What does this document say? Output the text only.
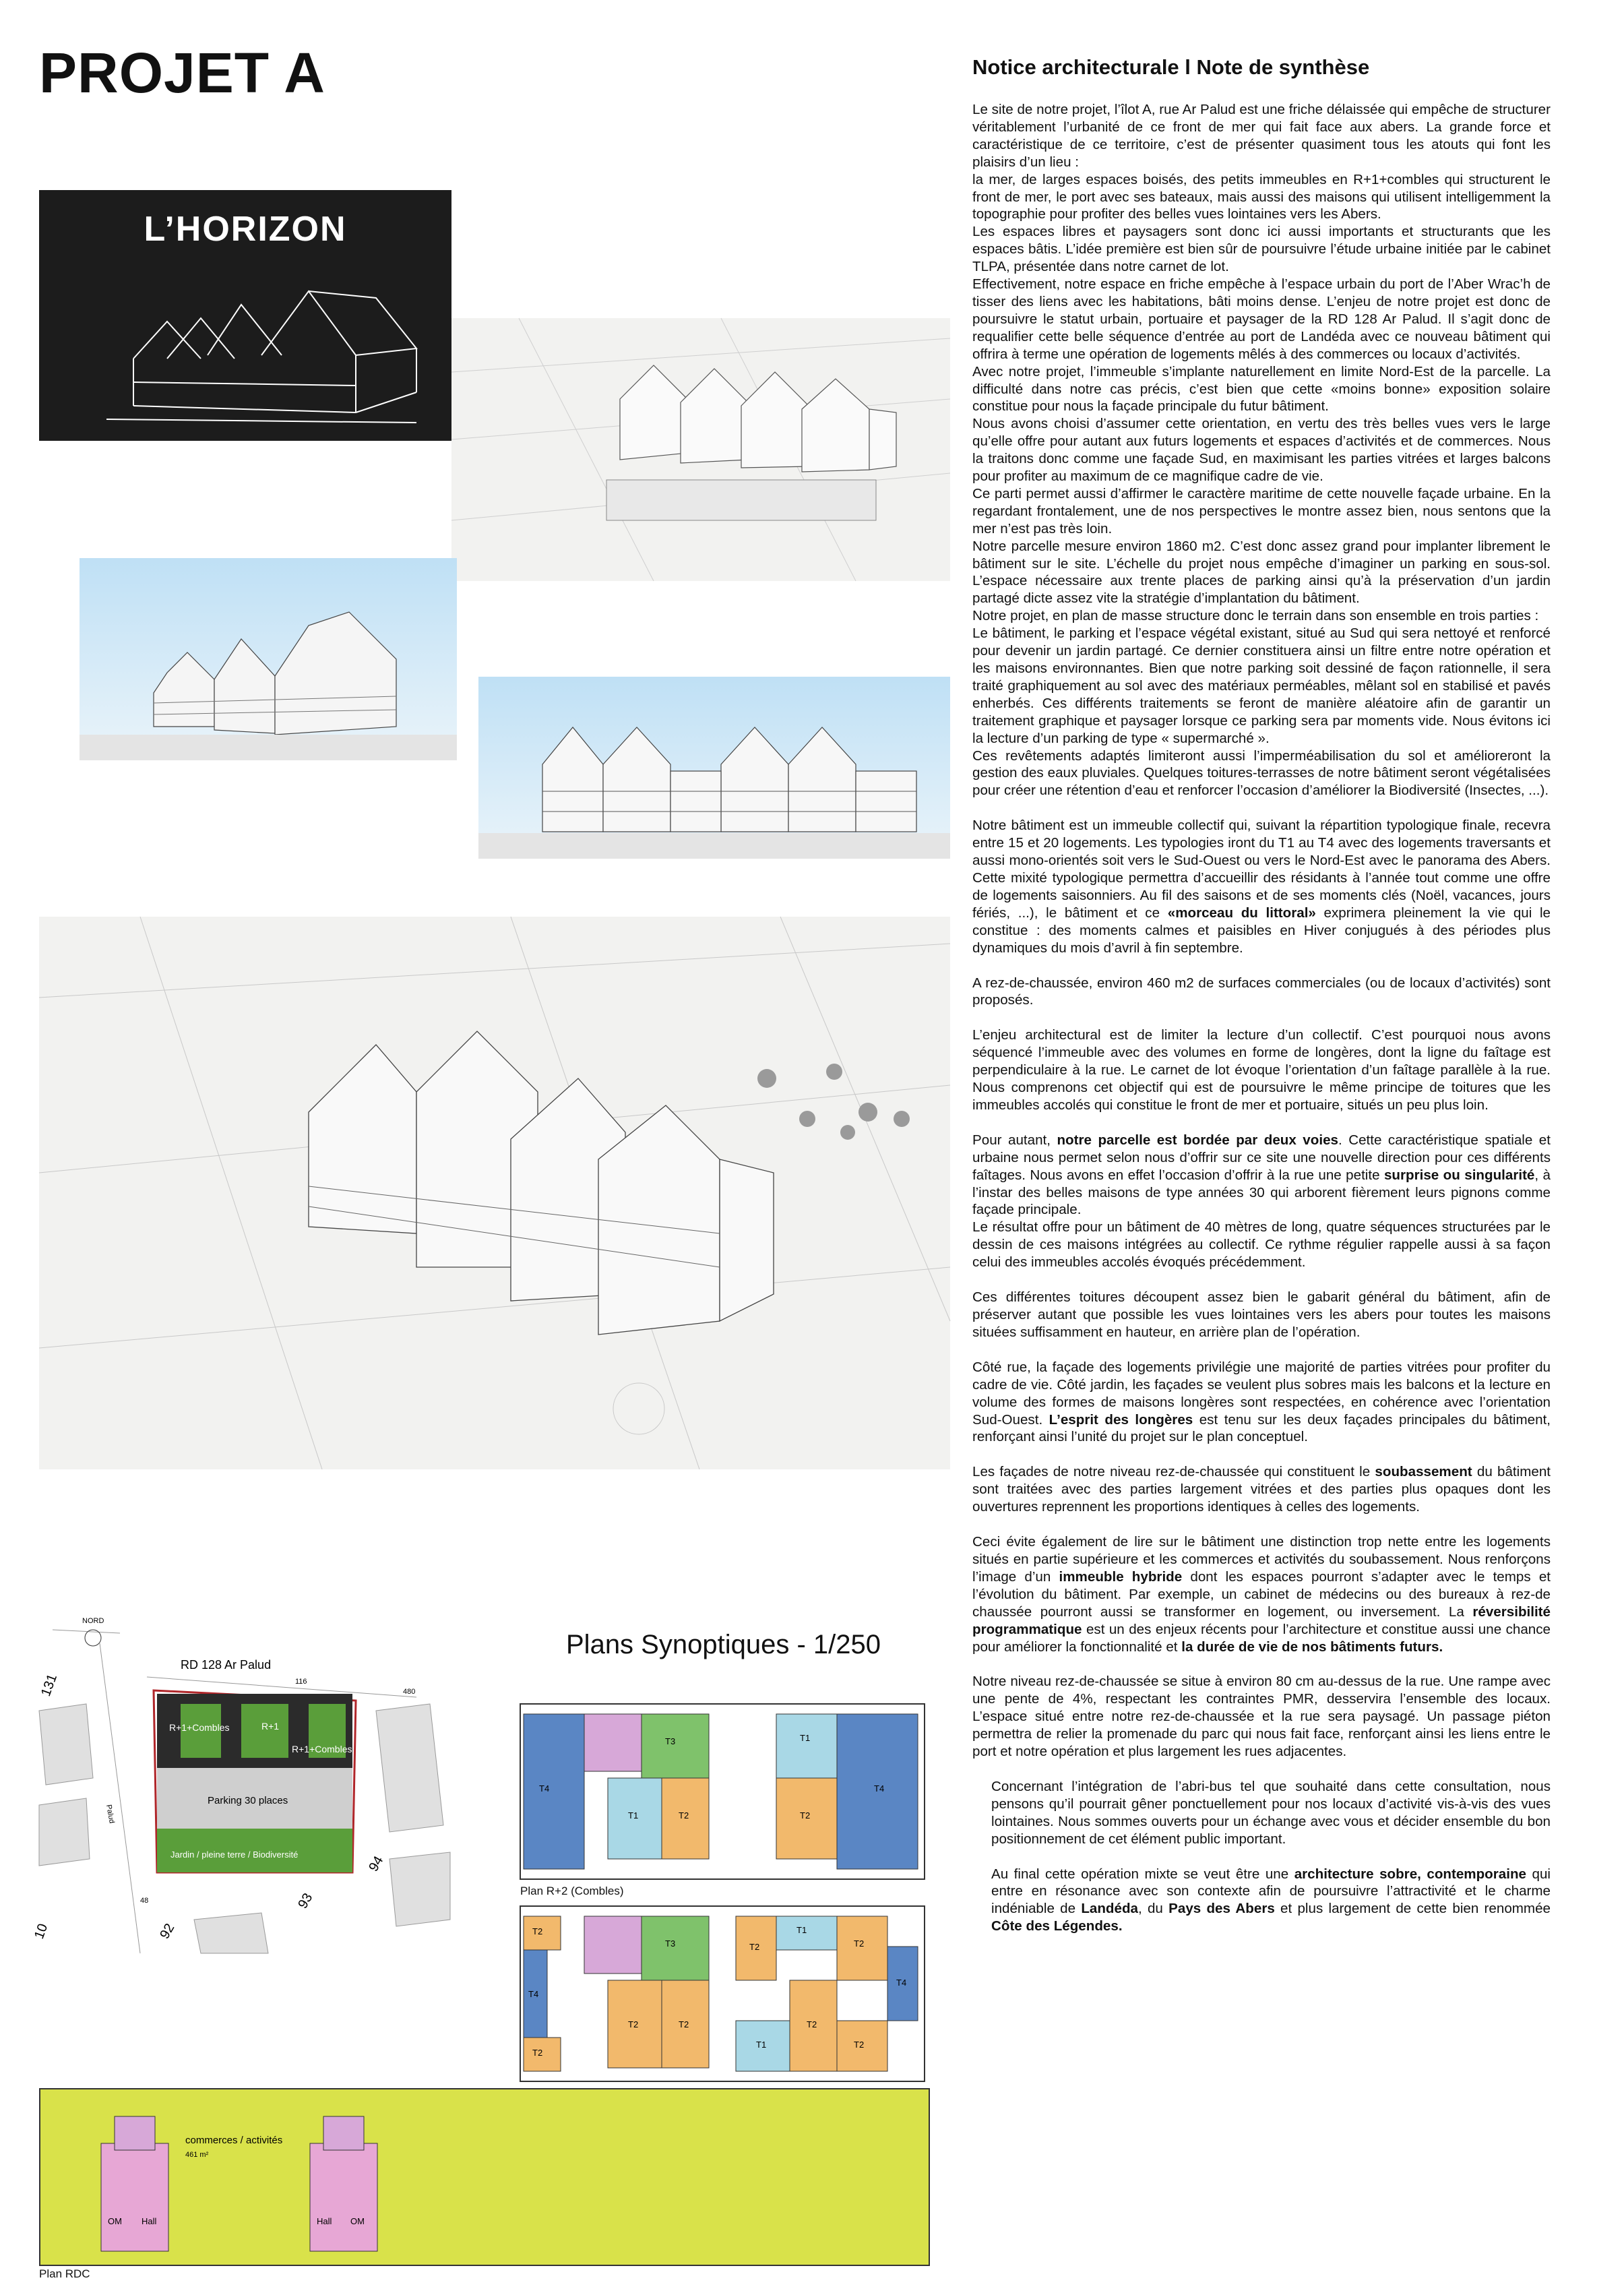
PROJET A
L’HORIZON
Notice architecturale l Note de synthèse

Le site de notre projet, l’îlot A, rue Ar Palud est une friche délaissée qui empêche de structurer véritablement l’urbanité de ce front de mer qui fait face aux abers. La grande force et caractéristique de ce territoire, c’est de présenter quasiment tous les atouts qui font les plaisirs d’un lieu :

la mer, de larges espaces boisés, des petits immeubles en R+1+combles qui structurent le front de mer, le port avec ses bateaux, mais aussi des maisons qui utilisent intelligemment la topographie pour profiter des belles vues lointaines vers les Abers.

Les espaces libres et paysagers sont donc ici aussi importants et structurants que les espaces bâtis. L’idée première est bien sûr de poursuivre l’étude urbaine initiée par le cabinet TLPA, présentée dans notre carnet de lot.

Effectivement, notre espace en friche empêche à l’espace urbain du port de l’Aber Wrac’h de tisser des liens avec les habitations, bâti moins dense. L’enjeu de notre projet est donc de poursuivre le statut urbain, portuaire et paysager de la RD 128 Ar Palud. Il s’agit donc de requalifier cette belle séquence d’entrée au port de Landéda avec ce nouveau bâtiment qui offrira à terme une opération de logements mêlés à des commerces ou locaux d’activités.

Avec notre projet, l’immeuble s’implante naturellement en limite Nord-Est de la parcelle. La difficulté dans notre cas précis, c’est bien que cette «moins bonne» exposition solaire constitue pour nous la façade principale du futur bâtiment.

Nous avons choisi d’assumer cette orientation, en vertu des très belles vues vers le large qu’elle offre pour autant aux futurs logements et espaces d’activités et de commerces. Nous la traitons donc comme une façade Sud, en maximisant les parties vitrées et larges balcons pour profiter au maximum de ce magnifique cadre de vie.

Ce parti permet aussi d’affirmer le caractère maritime de cette nouvelle façade urbaine. En la regardant frontalement, une de nos perspectives le montre assez bien, nous sentons que la mer n’est pas très loin.

Notre parcelle mesure environ 1860 m2. C’est donc assez grand pour implanter librement le bâtiment sur le site. L’échelle du projet nous empêche d’imaginer un parking en sous-sol. L’espace nécessaire aux trente places de parking ainsi qu’à la préservation d’un jardin partagé dicte assez vite la stratégie d’implantation du bâtiment.

Notre projet, en plan de masse structure donc le terrain dans son ensemble en trois parties :

Le bâtiment, le parking et l’espace végétal existant, situé au Sud qui sera nettoyé et renforcé pour devenir un jardin partagé. Ce dernier constituera ainsi un filtre entre notre opération et les maisons environnantes. Bien que notre parking soit dessiné de façon rationnelle, il sera traité graphiquement au sol avec des matériaux perméables, mêlant sol en stabilisé et pavés enherbés. Ces différents traitements se feront de manière aléatoire afin de garantir un traitement graphique et paysager lorsque ce parking sera par moments vide. Nous évitons ici la lecture d’un parking de type « supermarché ».

Ces revêtements adaptés limiteront aussi l’imperméabilisation du sol et amélioreront la gestion des eaux pluviales. Quelques toitures-terrasses de notre bâtiment seront végétalisées pour créer une rétention d’eau et renforcer l’occasion d’améliorer la Biodiversité (Insectes, ...).

Notre bâtiment est un immeuble collectif qui, suivant la répartition typologique finale, recevra entre 15 et 20 logements. Les typologies iront du T1 au T4 avec des logements traversants et aussi mono-orientés soit vers le Sud-Ouest ou vers le Nord-Est avec le panorama des Abers. Cette mixité typologique permettra d’accueillir des résidants à l’année tout comme une offre de logements saisonniers. Au fil des saisons et de ses moments clés (Noël, vacances, jours fériés, ...), le bâtiment et ce «morceau du littoral» exprimera pleinement la vie qui le constitue : des moments calmes et paisibles en Hiver conjugués à des périodes plus dynamiques du mois d’avril à fin septembre.

A rez-de-chaussée, environ 460 m2 de surfaces commerciales (ou de locaux d’activités) sont proposés.

L’enjeu architectural est de limiter la lecture d’un collectif. C’est pourquoi nous avons séquencé l’immeuble avec des volumes en forme de longères, dont la ligne du faîtage est perpendiculaire à la rue. Le carnet de lot évoque l’orientation d’un faîtage parallèle à la rue. Nous comprenons cet objectif qui est de poursuivre le même principe de toitures que les immeubles accolés qui constitue le front de mer et portuaire, situés un peu plus loin.

Pour autant, notre parcelle est bordée par deux voies. Cette caractéristique spatiale et urbaine nous permet selon nous d’offrir sur ce site une nouvelle direction pour ces différents faîtages. Nous avons en effet l’occasion d’offrir à la rue une petite surprise ou singularité, à l’instar des belles maisons de type années 30 qui arborent fièrement leurs pignons comme façade principale.

Le résultat offre pour un bâtiment de 40 mètres de long, quatre séquences structurées par le dessin de ces maisons intégrées au collectif. Ce rythme régulier rappelle aussi à sa façon celui des immeubles accolés évoqués précédemment.

Ces différentes toitures découpent assez bien le gabarit général du bâtiment, afin de préserver autant que possible les vues lointaines vers les abers pour toutes les maisons situées suffisamment en hauteur, en arrière plan de l’opération.

Côté rue, la façade des logements privilégie une majorité de parties vitrées pour profiter du cadre de vie. Côté jardin, les façades se veulent plus sobres mais les balcons et la lecture en volume des formes de maisons longères sont respectées, en cohérence avec l’orientation Sud-Ouest. L’esprit des longères est tenu sur les deux façades principales du bâtiment, renforçant ainsi l’unité du projet sur le plan conceptuel.

Les façades de notre niveau rez-de-chaussée qui constituent le soubassement du bâtiment sont traitées avec des parties largement vitrées et des parties plus opaques dont les ouvertures reprennent les proportions identiques à celles des logements.

Ceci évite également de lire sur le bâtiment une distinction trop nette entre les logements situés en partie supérieure et les commerces et activités du soubassement. Nous renforçons l’image d’un immeuble hybride dont les espaces pourront s’adapter avec le temps et l’évolution du bâtiment. Par exemple, un cabinet de médecins ou des bureaux à rez-de chaussée pourront aussi se transformer en logement, ou inversement. La réversibilité programmatique est un des enjeux récents pour l’architecture et constitue aussi une chance pour améliorer la fonctionnalité et la durée de vie de nos bâtiments futurs.

Notre niveau rez-de-chaussée se situe à environ 80 cm au-dessus de la rue. Une rampe avec une pente de 4%, respectant les contraintes PMR, desservira l’ensemble des locaux. L’espace situé entre notre rez-de-chaussée et la rue sera paysagé. Un passage piéton permettra de relier la promenade du parc qui nous fait face, renforçant ainsi les liens entre le port et notre opération et plus largement les rues adjacentes.

Concernant l’intégration de l’abri-bus tel que souhaité dans cette consultation, nous pensons qu’il pourrait gêner ponctuellement pour nos locaux d’activité vis-à-vis des vues lointaines. Nous sommes ouverts pour un échange avec vous et décider ensemble du bon positionnement de cet élément public important.

Au final cette opération mixte se veut être une architecture sobre, contemporaine qui entre en résonance avec son contexte afin de poursuivre l’attractivité et le charme indéniable de Landéda, du Pays des Abers et plus largement de cette bien renommée Côte des Légendes.

NORD
RD 128 Ar Palud
R+1+Combles	R+1
R+1+Combles
Parking 30 places
Jardin / pleine terre / Biodiversité
Palud
131	116
480
94
93
92
10
48
Plans Synoptiques - 1/250
T4
T3
T1	T2
T1
T2
T4
Plan R+2 (Combles)
T2
T3
T2
T1
T2
T2
T4
T2
T2
T1
T2
T4
T2
commerces / activités
461 m²
OM Hall	Hall OM
Plan RDC
